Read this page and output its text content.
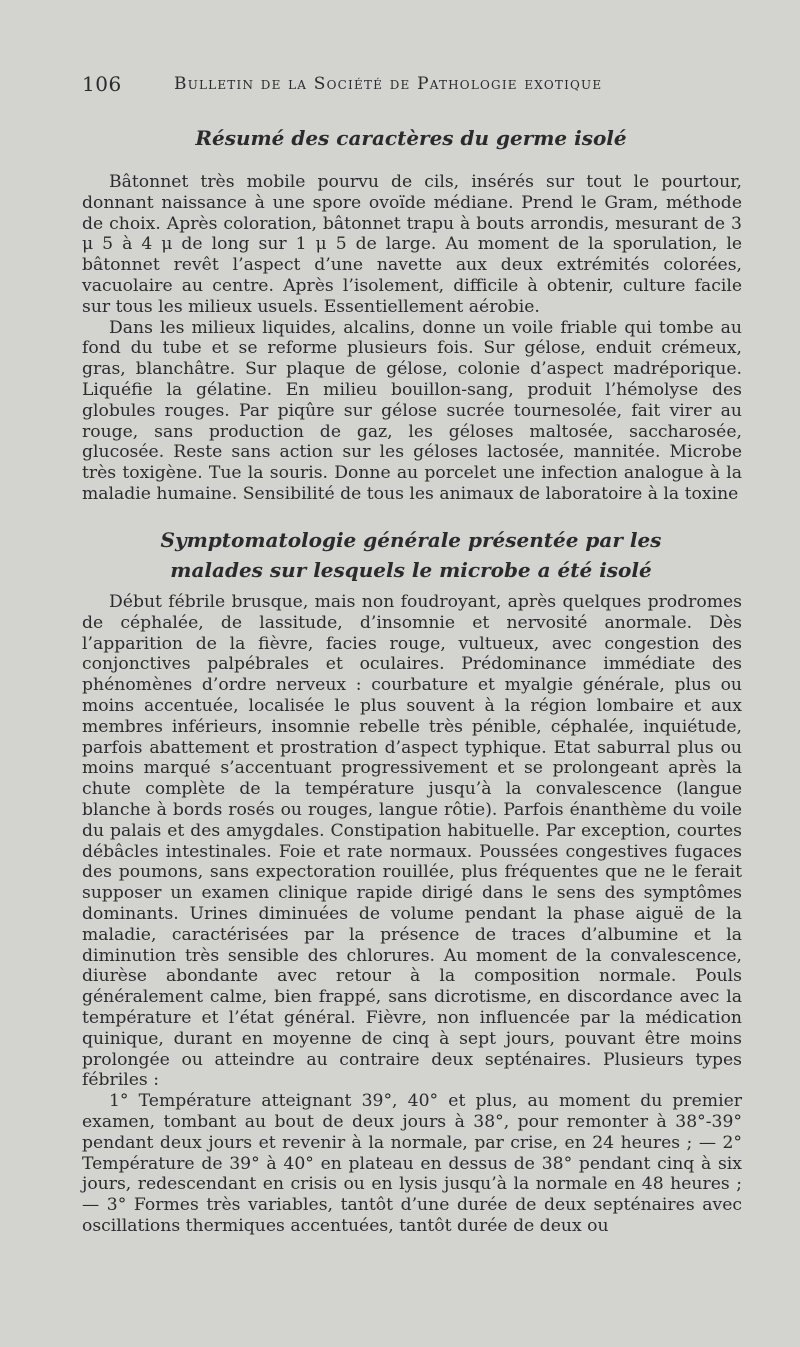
106	Bulletin de la Société de Pathologie exotique
Résumé des caractères du germe isolé

Bâtonnet très mobile pourvu de cils, insérés sur tout le pourtour, donnant naissance à une spore ovoïde médiane. Prend le Gram, méthode de choix. Après coloration, bâtonnet trapu à bouts arrondis, mesurant de 3 μ 5 à 4 μ de long sur 1 μ 5 de large. Au moment de la sporulation, le bâtonnet revêt l’aspect d’une navette aux deux extrémités colorées, vacuolaire au centre. Après l’isolement, difficile à obtenir, culture facile sur tous les milieux usuels. Essentiellement aérobie.

Dans les milieux liquides, alcalins, donne un voile friable qui tombe au fond du tube et se reforme plusieurs fois. Sur gélose, enduit crémeux, gras, blanchâtre. Sur plaque de gélose, colonie d’aspect madréporique. Liquéfie la gélatine. En milieu bouillon-sang, produit l’hémolyse des globules rouges. Par piqûre sur gélose sucrée tournesolée, fait virer au rouge, sans production de gaz, les géloses maltosée, saccharosée, glucosée. Reste sans action sur les géloses lactosée, mannitée. Microbe très toxigène. Tue la souris. Donne au porcelet une infection analogue à la maladie humaine. Sensibilité de tous les animaux de laboratoire à la toxine

Symptomatologie générale présentée par les malades sur lesquels le microbe a été isolé

Début fébrile brusque, mais non foudroyant, après quelques prodromes de céphalée, de lassitude, d’insomnie et nervosité anormale. Dès l’apparition de la fièvre, facies rouge, vultueux, avec congestion des conjonctives palpébrales et oculaires. Prédominance immédiate des phénomènes d’ordre nerveux : courbature et myalgie générale, plus ou moins accentuée, localisée le plus souvent à la région lombaire et aux membres inférieurs, insomnie rebelle très pénible, céphalée, inquiétude, parfois abattement et prostration d’aspect typhique. Etat saburral plus ou moins marqué s’accentuant progressivement et se prolongeant après la chute complète de la température jusqu’à la convalescence (langue blanche à bords rosés ou rouges, langue rôtie). Parfois énanthème du voile du palais et des amygdales. Constipation habituelle. Par exception, courtes débâcles intestinales. Foie et rate normaux. Poussées congestives fugaces des poumons, sans expectoration rouillée, plus fréquentes que ne le ferait supposer un examen clinique rapide dirigé dans le sens des symptômes dominants. Urines diminuées de volume pendant la phase aiguë de la maladie, caractérisées par la présence de traces d’albumine et la diminution très sensible des chlorures. Au moment de la convalescence, diurèse abondante avec retour à la composition normale. Pouls généralement calme, bien frappé, sans dicrotisme, en discordance avec la température et l’état général. Fièvre, non influencée par la médication quinique, durant en moyenne de cinq à sept jours, pouvant être moins prolongée ou atteindre au contraire deux septénaires. Plusieurs types fébriles :

1° Température atteignant 39°, 40° et plus, au moment du premier examen, tombant au bout de deux jours à 38°, pour remonter à 38°-39° pendant deux jours et revenir à la normale, par crise, en 24 heures ; — 2° Température de 39° à 40° en plateau en dessus de 38° pendant cinq à six jours, redescendant en crisis ou en lysis jusqu’à la normale en 48 heures ; — 3° Formes très variables, tantôt d’une durée de deux septénaires avec oscillations thermiques accentuées, tantôt durée de deux ou
